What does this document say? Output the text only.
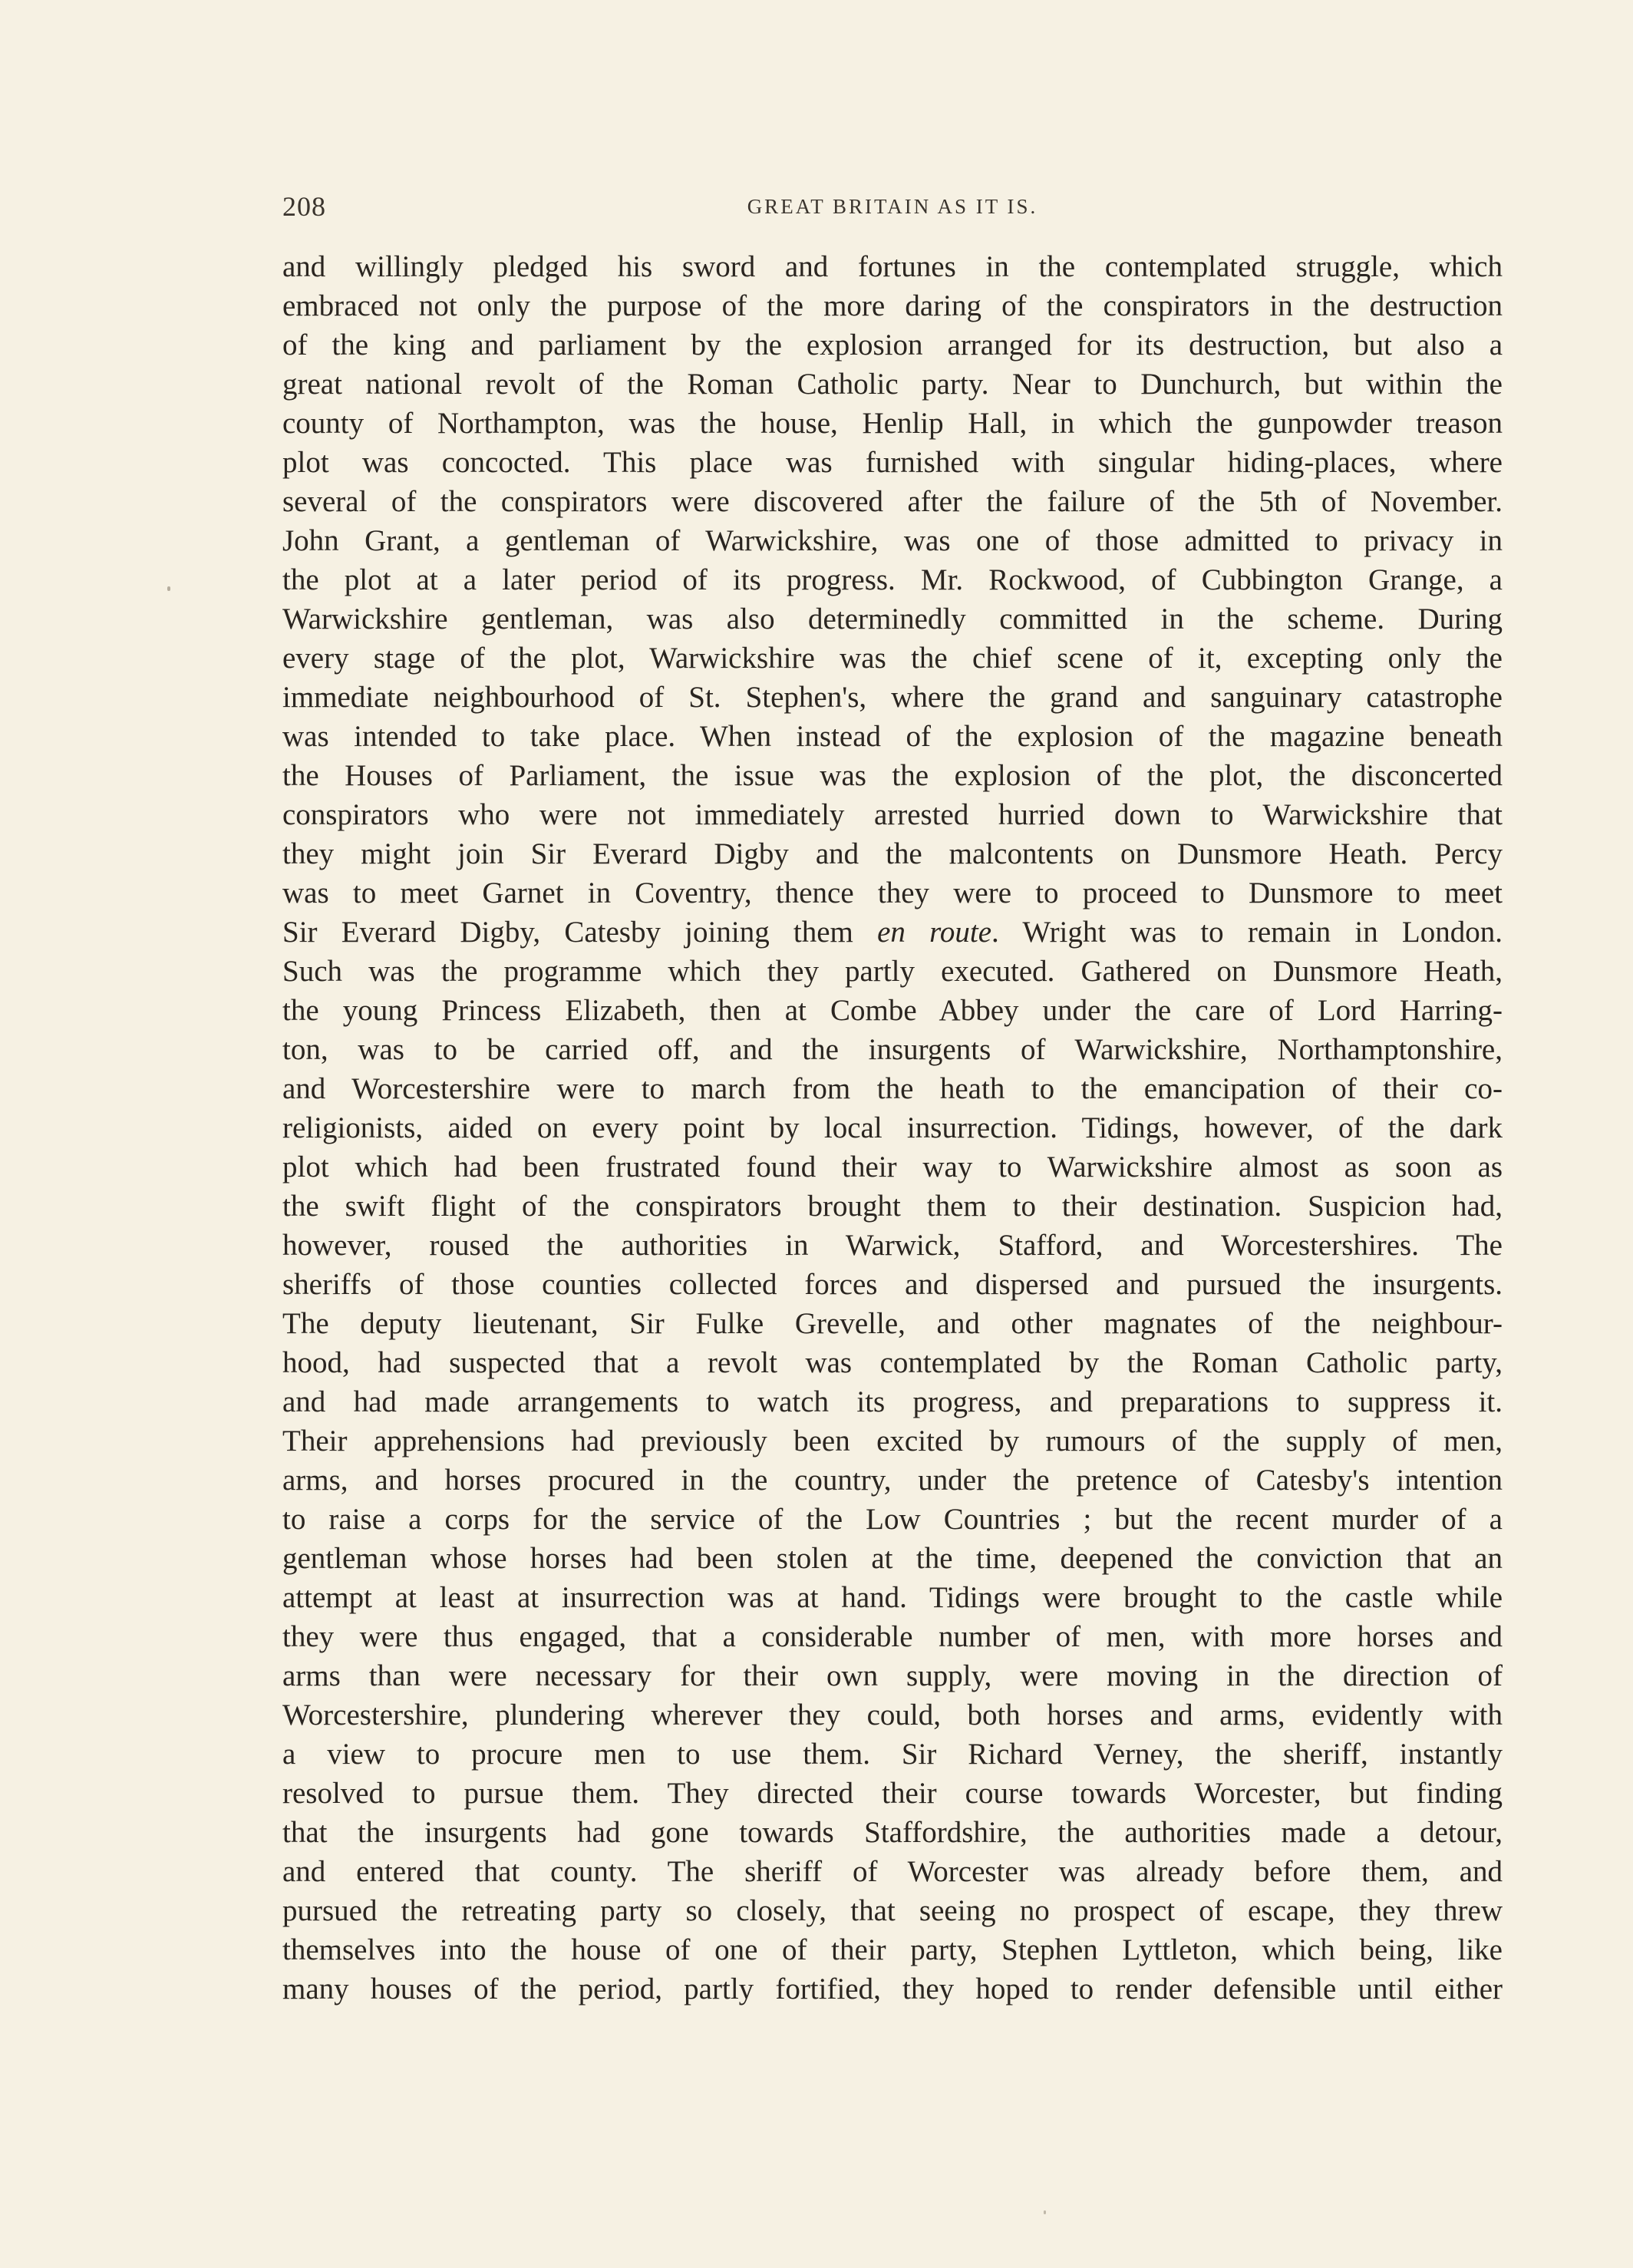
208	GREAT BRITAIN AS IT IS.
and willingly pledged his sword and fortunes in the contemplated struggle, which
embraced not only the purpose of the more daring of the conspirators in the destruction
of the king and parliament by the explosion arranged for its destruction, but also a
great national revolt of the Roman Catholic party. Near to Dunchurch, but within the
county of Northampton, was the house, Henlip Hall, in which the gunpowder treason
plot was concocted. This place was furnished with singular hiding-places, where
several of the conspirators were discovered after the failure of the 5th of November.
John Grant, a gentleman of Warwickshire, was one of those admitted to privacy in
the plot at a later period of its progress. Mr. Rockwood, of Cubbington Grange, a
Warwickshire gentleman, was also determinedly committed in the scheme. During
every stage of the plot, Warwickshire was the chief scene of it, excepting only the
immediate neighbourhood of St. Stephen's, where the grand and sanguinary catastrophe
was intended to take place. When instead of the explosion of the magazine beneath
the Houses of Parliament, the issue was the explosion of the plot, the disconcerted
conspirators who were not immediately arrested hurried down to Warwickshire that
they might join Sir Everard Digby and the malcontents on Dunsmore Heath. Percy
was to meet Garnet in Coventry, thence they were to proceed to Dunsmore to meet
Sir Everard Digby, Catesby joining them en route. Wright was to remain in London.
Such was the programme which they partly executed. Gathered on Dunsmore Heath,
the young Princess Elizabeth, then at Combe Abbey under the care of Lord Harring-
ton, was to be carried off, and the insurgents of Warwickshire, Northamptonshire,
and Worcestershire were to march from the heath to the emancipation of their co-
religionists, aided on every point by local insurrection. Tidings, however, of the dark
plot which had been frustrated found their way to Warwickshire almost as soon as
the swift flight of the conspirators brought them to their destination. Suspicion had,
however, roused the authorities in Warwick, Stafford, and Worcestershires. The
sheriffs of those counties collected forces and dispersed and pursued the insurgents.
The deputy lieutenant, Sir Fulke Grevelle, and other magnates of the neighbour-
hood, had suspected that a revolt was contemplated by the Roman Catholic party,
and had made arrangements to watch its progress, and preparations to suppress it.
Their apprehensions had previously been excited by rumours of the supply of men,
arms, and horses procured in the country, under the pretence of Catesby's intention
to raise a corps for the service of the Low Countries ; but the recent murder of a
gentleman whose horses had been stolen at the time, deepened the conviction that an
attempt at least at insurrection was at hand. Tidings were brought to the castle while
they were thus engaged, that a considerable number of men, with more horses and
arms than were necessary for their own supply, were moving in the direction of
Worcestershire, plundering wherever they could, both horses and arms, evidently with
a view to procure men to use them. Sir Richard Verney, the sheriff, instantly
resolved to pursue them. They directed their course towards Worcester, but finding
that the insurgents had gone towards Staffordshire, the authorities made a detour,
and entered that county. The sheriff of Worcester was already before them, and
pursued the retreating party so closely, that seeing no prospect of escape, they threw
themselves into the house of one of their party, Stephen Lyttleton, which being, like
many houses of the period, partly fortified, they hoped to render defensible until either
